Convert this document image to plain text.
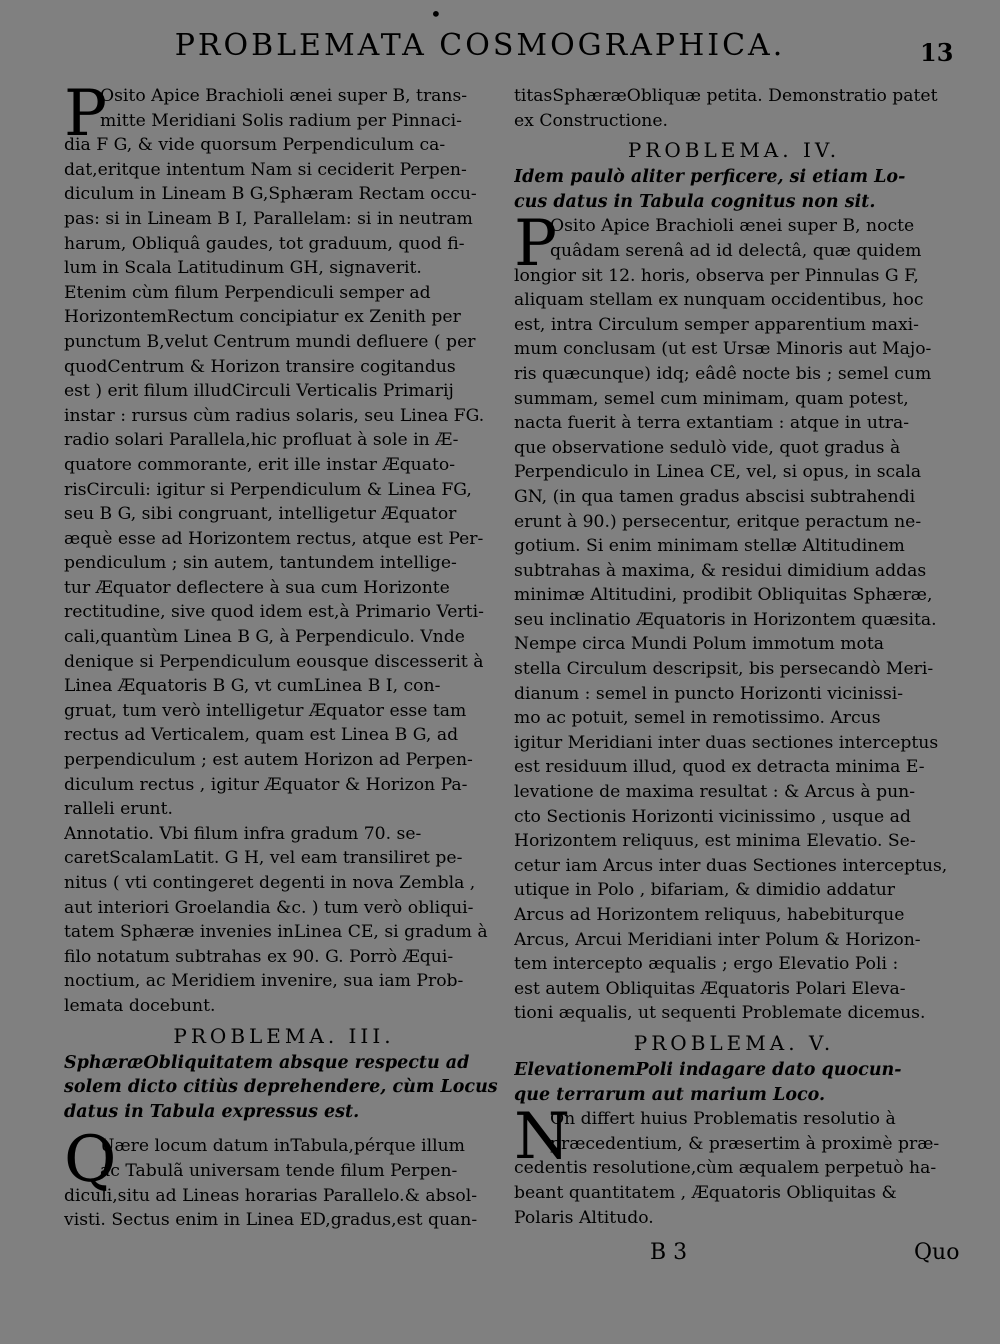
•
PROBLEMATA COSMOGRAPHICA.	13
P
Osito Apice Brachioli ænei super B, trans-
mitte Meridiani Solis radium per Pinnaci-
dia F G, & vide quorsum Perpendiculum ca-
dat,eritque intentum Nam si ceciderit Perpen-
diculum in Lineam B G,Sphæram Rectam occu-
pas: si in Lineam B I, Parallelam: si in neutram
harum, Obliquâ gaudes, tot graduum, quod fi-
lum in Scala Latitudinum GH, signaverit.
Etenim cùm filum Perpendiculi semper ad
HorizontemRectum concipiatur ex Zenith per
punctum B,velut Centrum mundi defluere ( per
quodCentrum & Horizon transire cogitandus
est ) erit filum illudCirculi Verticalis Primarij
instar : rursus cùm radius solaris, seu Linea FG.
radio solari Parallela,hic profluat à sole in Æ-
quatore commorante, erit ille instar Æquato-
risCirculi: igitur si Perpendiculum & Linea FG,
seu B G, sibi congruant, intelligetur Æquator
æquè esse ad Horizontem rectus, atque est Per-
pendiculum ; sin autem, tantundem intellige-
tur Æquator deflectere à sua cum Horizonte
rectitudine, sive quod idem est,à Primario Verti-
cali,quantùm Linea B G, à Perpendiculo. Vnde
denique si Perpendiculum eousque discesserit à
Linea Æquatoris B G, vt cumLinea B I, con-
gruat, tum verò intelligetur Æquator esse tam
rectus ad Verticalem, quam est Linea B G, ad
perpendiculum ; est autem Horizon ad Perpen-
diculum rectus , igitur Æquator & Horizon Pa-
ralleli erunt.
Annotatio. Vbi filum infra gradum 70. se-
caretScalamLatit. G H, vel eam transiliret pe-
nitus ( vti contingeret degenti in nova Zembla ,
aut interiori Groelandia &c. ) tum verò obliqui-
tatem Sphæræ invenies inLinea CE, si gradum à
filo notatum subtrahas ex 90. G. Porrò Æqui-
noctium, ac Meridiem invenire, sua iam Prob-
lemata docebunt.
PROBLEMA. III.
SphæræObliquitatem absque respectu ad
solem dicto citiùs deprehendere, cùm Locus
datus in Tabula expressus est.
Q
Uære locum datum inTabula,pérque illum
ac Tabulã universam tende filum Perpen-
diculi,situ ad Lineas horarias Parallelo.& absol-
visti. Sectus enim in Linea ED,gradus,est quan-
titasSphæræObliquæ petita. Demonstratio patet
ex Constructione.
PROBLEMA. IV.
Idem paulò aliter perficere, si etiam Lo-
cus datus in Tabula cognitus non sit.
P
Osito Apice Brachioli ænei super B, nocte
quâdam serenâ ad id delectâ, quæ quidem
longior sit 12. horis, observa per Pinnulas G F,
aliquam stellam ex nunquam occidentibus, hoc
est, intra Circulum semper apparentium maxi-
mum conclusam (ut est Ursæ Minoris aut Majo-
ris quæcunque) idq; eâdê nocte bis ; semel cum
summam, semel cum minimam, quam potest,
nacta fuerit à terra extantiam : atque in utra-
que observatione sedulò vide, quot gradus à
Perpendiculo in Linea CE, vel, si opus, in scala
GN, (in qua tamen gradus abscisi subtrahendi
erunt à 90.) persecentur, eritque peractum ne-
gotium. Si enim minimam stellæ Altitudinem
subtrahas à maxima, & residui dimidium addas
minimæ Altitudini, prodibit Obliquitas Sphæræ,
seu inclinatio Æquatoris in Horizontem quæsita.
Nempe circa Mundi Polum immotum mota
stella Circulum descripsit, bis persecandò Meri-
dianum : semel in puncto Horizonti vicinissi-
mo ac potuit, semel in remotissimo. Arcus
igitur Meridiani inter duas sectiones interceptus
est residuum illud, quod ex detracta minima E-
levatione de maxima resultat : & Arcus à pun-
cto Sectionis Horizonti vicinissimo , usque ad
Horizontem reliquus, est minima Elevatio. Se-
cetur iam Arcus inter duas Sectiones interceptus,
utique in Polo , bifariam, & dimidio addatur
Arcus ad Horizontem reliquus, habebiturque
Arcus, Arcui Meridiani inter Polum & Horizon-
tem intercepto æqualis ; ergo Elevatio Poli :
est autem Obliquitas Æquatoris Polari Eleva-
tioni æqualis, ut sequenti Problemate dicemus.
PROBLEMA. V.
ElevationemPoli indagare dato quocun-
que terrarum aut marium Loco.
N
On differt huius Problematis resolutio à
præcedentium, & præsertim à proximè præ-
cedentis resolutione,cùm æqualem perpetuò ha-
beant quantitatem , Æquatoris Obliquitas &
Polaris Altitudo.
B 3	Quo
